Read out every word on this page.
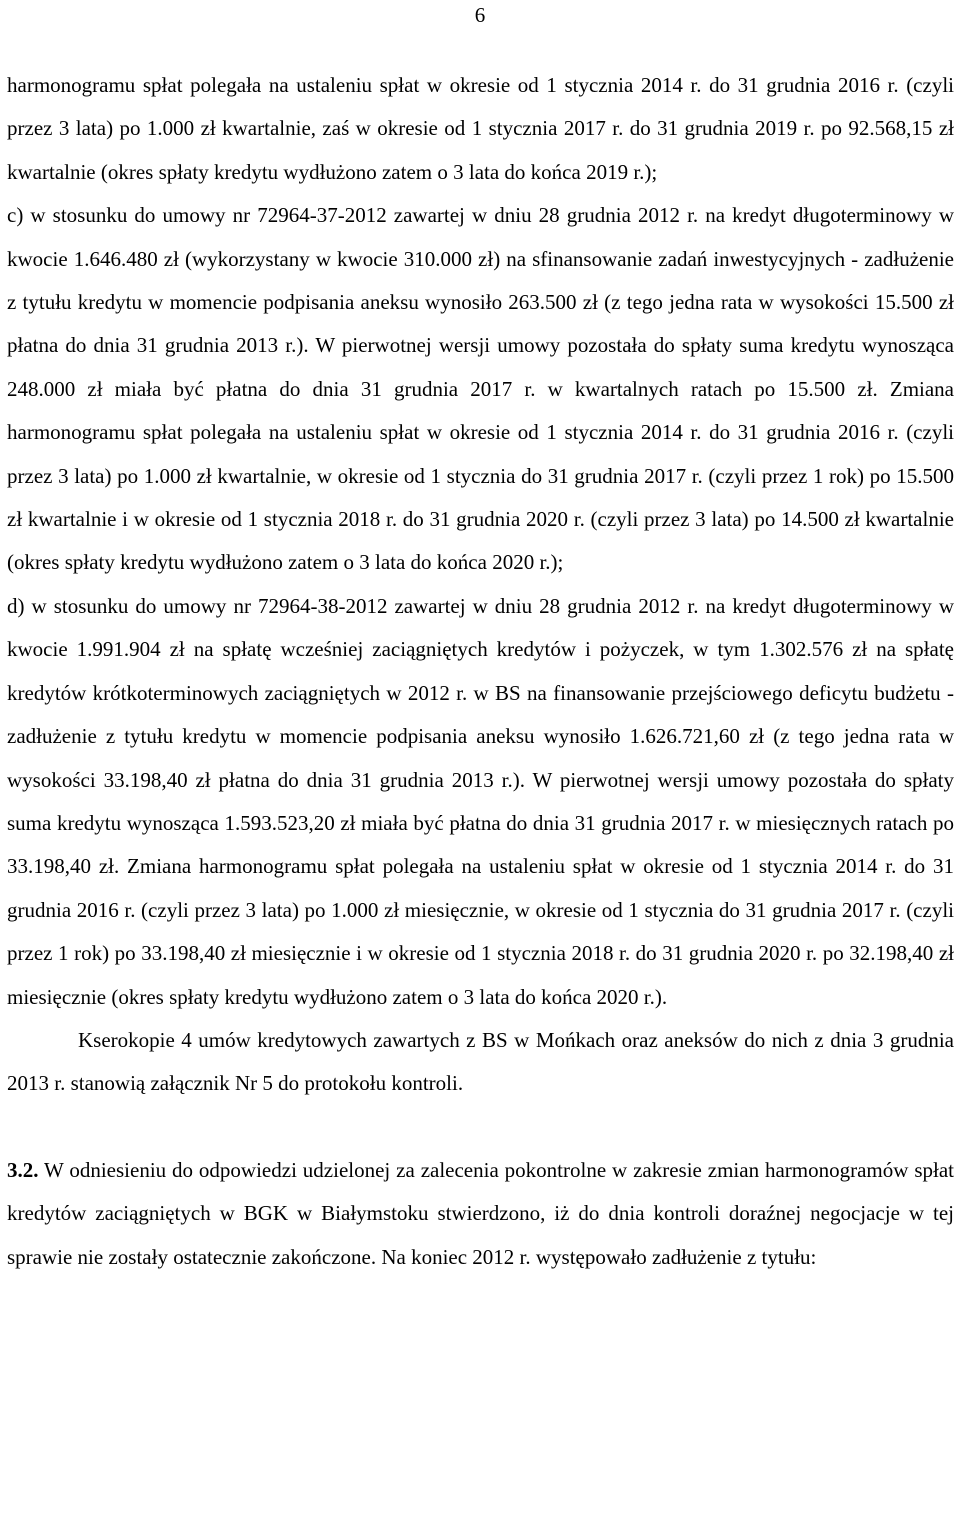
6

harmonogramu spłat polegała na ustaleniu spłat w okresie od 1 stycznia 2014 r. do 31 grudnia 2016 r. (czyli przez 3 lata) po 1.000 zł kwartalnie, zaś w okresie od 1 stycznia 2017 r. do 31 grudnia 2019 r. po 92.568,15 zł kwartalnie (okres spłaty kredytu wydłużono zatem o 3 lata do końca 2019 r.);

c) w stosunku do umowy nr 72964-37-2012 zawartej w dniu 28 grudnia 2012 r. na kredyt długoterminowy w kwocie 1.646.480 zł (wykorzystany w kwocie 310.000 zł) na sfinansowanie zadań inwestycyjnych - zadłużenie z tytułu kredytu w momencie podpisania aneksu wynosiło 263.500 zł (z tego jedna rata w wysokości 15.500 zł płatna do dnia 31 grudnia 2013 r.). W pierwotnej wersji umowy pozostała do spłaty suma kredytu wynosząca 248.000 zł miała być płatna do dnia 31 grudnia 2017 r. w kwartalnych ratach po 15.500 zł. Zmiana harmonogramu spłat polegała na ustaleniu spłat w okresie od 1 stycznia 2014 r. do 31 grudnia 2016 r. (czyli przez 3 lata) po 1.000 zł kwartalnie, w okresie od 1 stycznia do 31 grudnia 2017 r. (czyli przez 1 rok) po 15.500 zł kwartalnie i w okresie od 1 stycznia 2018 r. do 31 grudnia 2020 r. (czyli przez 3 lata) po 14.500 zł kwartalnie (okres spłaty kredytu wydłużono zatem o 3 lata do końca 2020 r.);

d) w stosunku do umowy nr 72964-38-2012 zawartej w dniu 28 grudnia 2012 r. na kredyt długoterminowy w kwocie 1.991.904 zł na spłatę wcześniej zaciągniętych kredytów i pożyczek, w tym 1.302.576 zł na spłatę kredytów krótkoterminowych zaciągniętych w 2012 r. w BS na finansowanie przejściowego deficytu budżetu - zadłużenie z tytułu kredytu w momencie podpisania aneksu wynosiło 1.626.721,60 zł (z tego jedna rata w wysokości 33.198,40 zł płatna do dnia 31 grudnia 2013 r.). W pierwotnej wersji umowy pozostała do spłaty suma kredytu wynosząca 1.593.523,20 zł miała być płatna do dnia 31 grudnia 2017 r. w miesięcznych ratach po 33.198,40 zł. Zmiana harmonogramu spłat polegała na ustaleniu spłat w okresie od 1 stycznia 2014 r. do 31 grudnia 2016 r. (czyli przez 3 lata) po 1.000 zł miesięcznie, w okresie od 1 stycznia do 31 grudnia 2017 r. (czyli przez 1 rok) po 33.198,40 zł miesięcznie i w okresie od 1 stycznia 2018 r. do 31 grudnia 2020 r. po 32.198,40 zł miesięcznie (okres spłaty kredytu wydłużono zatem o 3 lata do końca 2020 r.).

Kserokopie 4 umów kredytowych zawartych z BS w Mońkach oraz aneksów do nich z dnia 3 grudnia 2013 r. stanowią załącznik Nr 5 do protokołu kontroli.

3.2. W odniesieniu do odpowiedzi udzielonej za zalecenia pokontrolne w zakresie zmian harmonogramów spłat kredytów zaciągniętych w BGK w Białymstoku stwierdzono, iż do dnia kontroli doraźnej negocjacje w tej sprawie nie zostały ostatecznie zakończone. Na koniec 2012 r. występowało zadłużenie z tytułu:
